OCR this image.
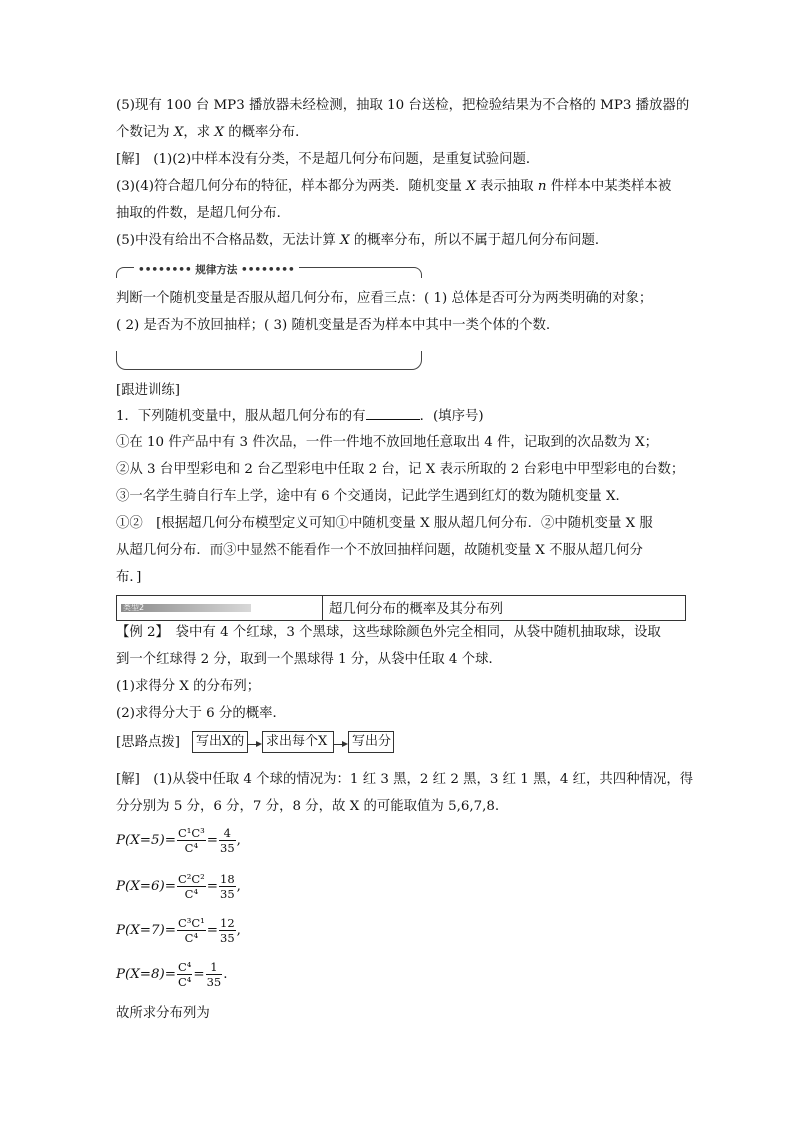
(5)现有 100 台 MP3 播放器未经检测，抽取 10 台送检，把检验结果为不合格的 MP3 播放器的
个数记为 X，求 X 的概率分布．
[解]　(1)(2)中样本没有分类，不是超几何分布问题，是重复试验问题．
(3)(4)符合超几何分布的特征，样本都分为两类．随机变量 X 表示抽取 n 件样本中某类样本被
抽取的件数，是超几何分布．
(5)中没有给出不合格品数，无法计算 X 的概率分布，所以不属于超几何分布问题．
•••••••• 规律方法 ••••••••
判断一个随机变量是否服从超几何分布，应看三点：( 1) 总体是否可分为两类明确的对象；
( 2) 是否为不放回抽样；( 3) 随机变量是否为样本中其中一类个体的个数.
[跟进训练]
1．下列随机变量中，服从超几何分布的有	．(填序号)
①在 10 件产品中有 3 件次品，一件一件地不放回地任意取出 4 件，记取到的次品数为 X；
②从 3 台甲型彩电和 2 台乙型彩电中任取 2 台，记 X 表示所取的 2 台彩电中甲型彩电的台数；
③一名学生骑自行车上学，途中有 6 个交通岗，记此学生遇到红灯的数为随机变量 X．
①②　[根据超几何分布模型定义可知①中随机变量 X 服从超几何分布．②中随机变量 X 服
从超几何分布．而③中显然不能看作一个不放回抽样问题，故随机变量 X 不服从超几何分
布．]
类型2	超几何分布的概率及其分布列
【例 2】　袋中有 4 个红球，3 个黑球，这些球除颜色外完全相同，从袋中随机抽取球，设取
到一个红球得 2 分，取到一个黑球得 1 分，从袋中任取 4 个球．
(1)求得分 X 的分布列；
(2)求得分大于 6 分的概率．
[思路点拨]	写出X的	求出每个X	写出分
[解]　(1)从袋中任取 4 个球的情况为：1 红 3 黑，2 红 2 黑，3 红 1 黑，4 红，共四种情况，得
分分别为 5 分，6 分，7 分，8 分，故 X 的可能取值为 5,6,7,8.
$P(X=5)= \frac{\text{C¹C³}}{\text{C⁴}} = \frac{4}{35}$ ,
$P(X=6)= \frac{\text{C²C²}}{\text{C⁴}} = \frac{18}{35}$ ,
$P(X=7)= \frac{\text{C³C¹}}{\text{C⁴}} = \frac{12}{35}$ ,
$P(X=8)= \frac{\text{C⁴}}{\text{C⁴}} = \frac{1}{35}$ .
故所求分布列为
